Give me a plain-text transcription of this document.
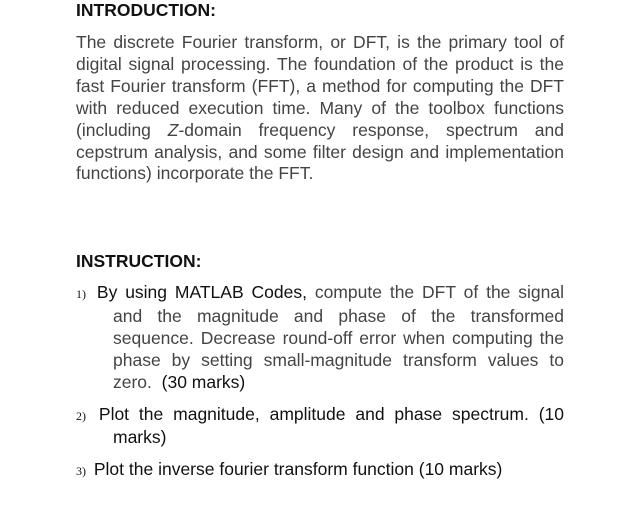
INTRODUCTION:

The discrete Fourier transform, or DFT, is the primary tool of digital signal processing. The foundation of the product is the fast Fourier transform (FFT), a method for computing the DFT with reduced execution time. Many of the toolbox functions (including Z-domain frequency response, spectrum and cepstrum analysis, and some filter design and implementation functions) incorporate the FFT.

INSTRUCTION:
1) By using MATLAB Codes, compute the DFT of the signal and the magnitude and phase of the transformed sequence. Decrease round-off error when computing the phase by setting small-magnitude transform values to zero.  (30 marks)
2) Plot the magnitude, amplitude and phase spectrum. (10 marks)
3) Plot the inverse fourier transform function (10 marks)
